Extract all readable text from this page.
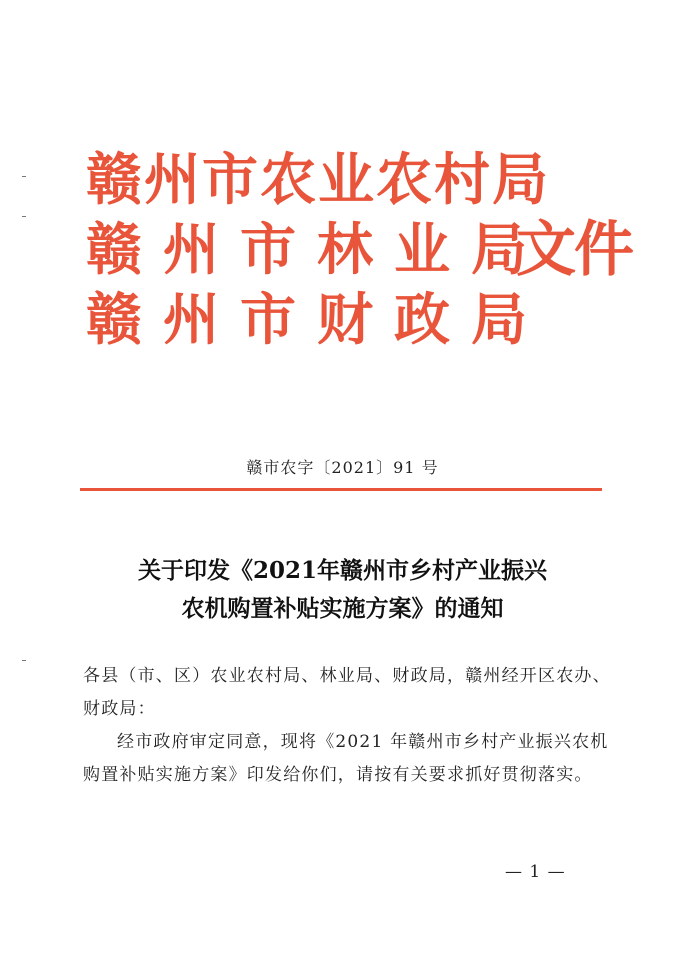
赣州市农业农村局
赣州市林业局
文件
赣州市财政局
赣市农字〔2021〕91 号
关于印发《2021年赣州市乡村产业振兴
农机购置补贴实施方案》的通知
各县（市、区）农业农村局、林业局、财政局，赣州经开区农办、财政局：
经市政府审定同意，现将《2021 年赣州市乡村产业振兴农机购置补贴实施方案》印发给你们，请按有关要求抓好贯彻落实。
— 1 —
